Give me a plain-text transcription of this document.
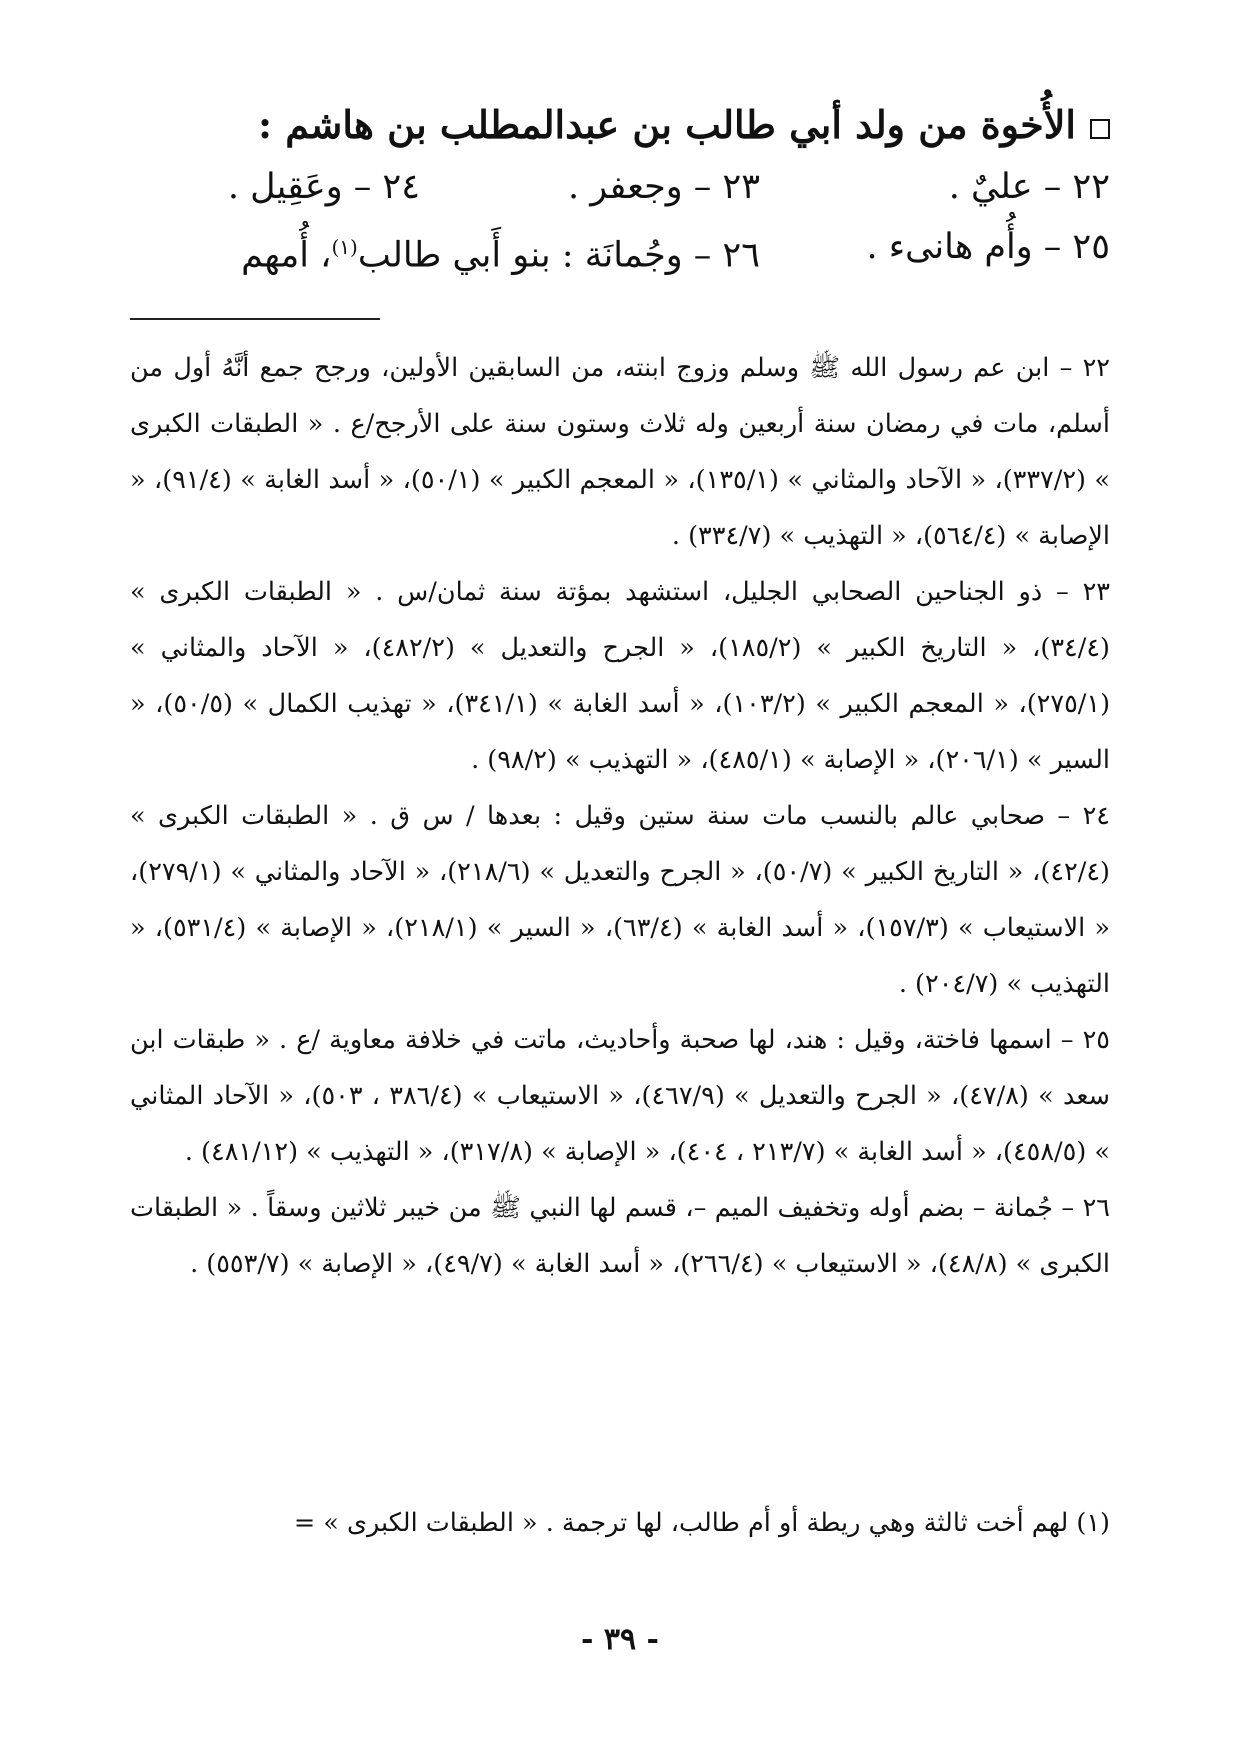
الأُخوة من ولد أبي طالب بن عبدالمطلب بن هاشم :
٢٢ – عليٌ .
٢٣ – وجعفر .
٢٤ – وعَقِيل .
٢٥ – وأُم هانىء .
٢٦ – وجُمانَة : بنو أَبي طالب$^{(١)}$، أُمهم

٢٢ – ابن عم رسول الله ﷺ وسلم وزوج ابنته، من السابقين الأولين، ورجح جمع أنَّهُ أول من أسلم، مات في رمضان سنة أربعين وله ثلاث وستون سنة على الأرجح/ع . « الطبقات الكبرى » (٣٣٧/٢)، « الآحاد والمثاني » (١٣٥/١)، « المعجم الكبير » (٥٠/١)، « أسد الغابة » (٩١/٤)، « الإصابة » (٥٦٤/٤)، « التهذيب » (٣٣٤/٧) .

٢٣ – ذو الجناحين الصحابي الجليل، استشهد بمؤتة سنة ثمان/س . « الطبقات الكبرى » (٣٤/٤)، « التاريخ الكبير » (١٨٥/٢)، « الجرح والتعديل » (٤٨٢/٢)، « الآحاد والمثاني » (٢٧٥/١)، « المعجم الكبير » (١٠٣/٢)، « أسد الغابة » (٣٤١/١)، « تهذيب الكمال » (٥٠/٥)، « السير » (٢٠٦/١)، « الإصابة » (٤٨٥/١)، « التهذيب » (٩٨/٢) .

٢٤ – صحابي عالم بالنسب مات سنة ستين وقيل : بعدها / س ق . « الطبقات الكبرى » (٤٢/٤)، « التاريخ الكبير » (٥٠/٧)، « الجرح والتعديل » (٢١٨/٦)، « الآحاد والمثاني » (٢٧٩/١)، « الاستيعاب » (١٥٧/٣)، « أسد الغابة » (٦٣/٤)، « السير » (٢١٨/١)، « الإصابة » (٥٣١/٤)، « التهذيب » (٢٠٤/٧) .

٢٥ – اسمها فاختة، وقيل : هند، لها صحبة وأحاديث، ماتت في خلافة معاوية /ع . « طبقات ابن سعد » (٤٧/٨)، « الجرح والتعديل » (٤٦٧/٩)، « الاستيعاب » (٣٨٦/٤ ، ٥٠٣)، « الآحاد المثاني » (٤٥٨/٥)، « أسد الغابة » (٢١٣/٧ ، ٤٠٤)، « الإصابة » (٣١٧/٨)، « التهذيب » (٤٨١/١٢) .

٢٦ – جُمانة – بضم أوله وتخفيف الميم –، قسم لها النبي ﷺ من خيبر ثلاثين وسقاً . « الطبقات الكبرى » (٤٨/٨)، « الاستيعاب » (٢٦٦/٤)، « أسد الغابة » (٤٩/٧)، « الإصابة » (٥٥٣/٧) .

(١) لهم أخت ثالثة وهي ريطة أو أم طالب، لها ترجمة . « الطبقات الكبرى » =
- ٣٩ -
